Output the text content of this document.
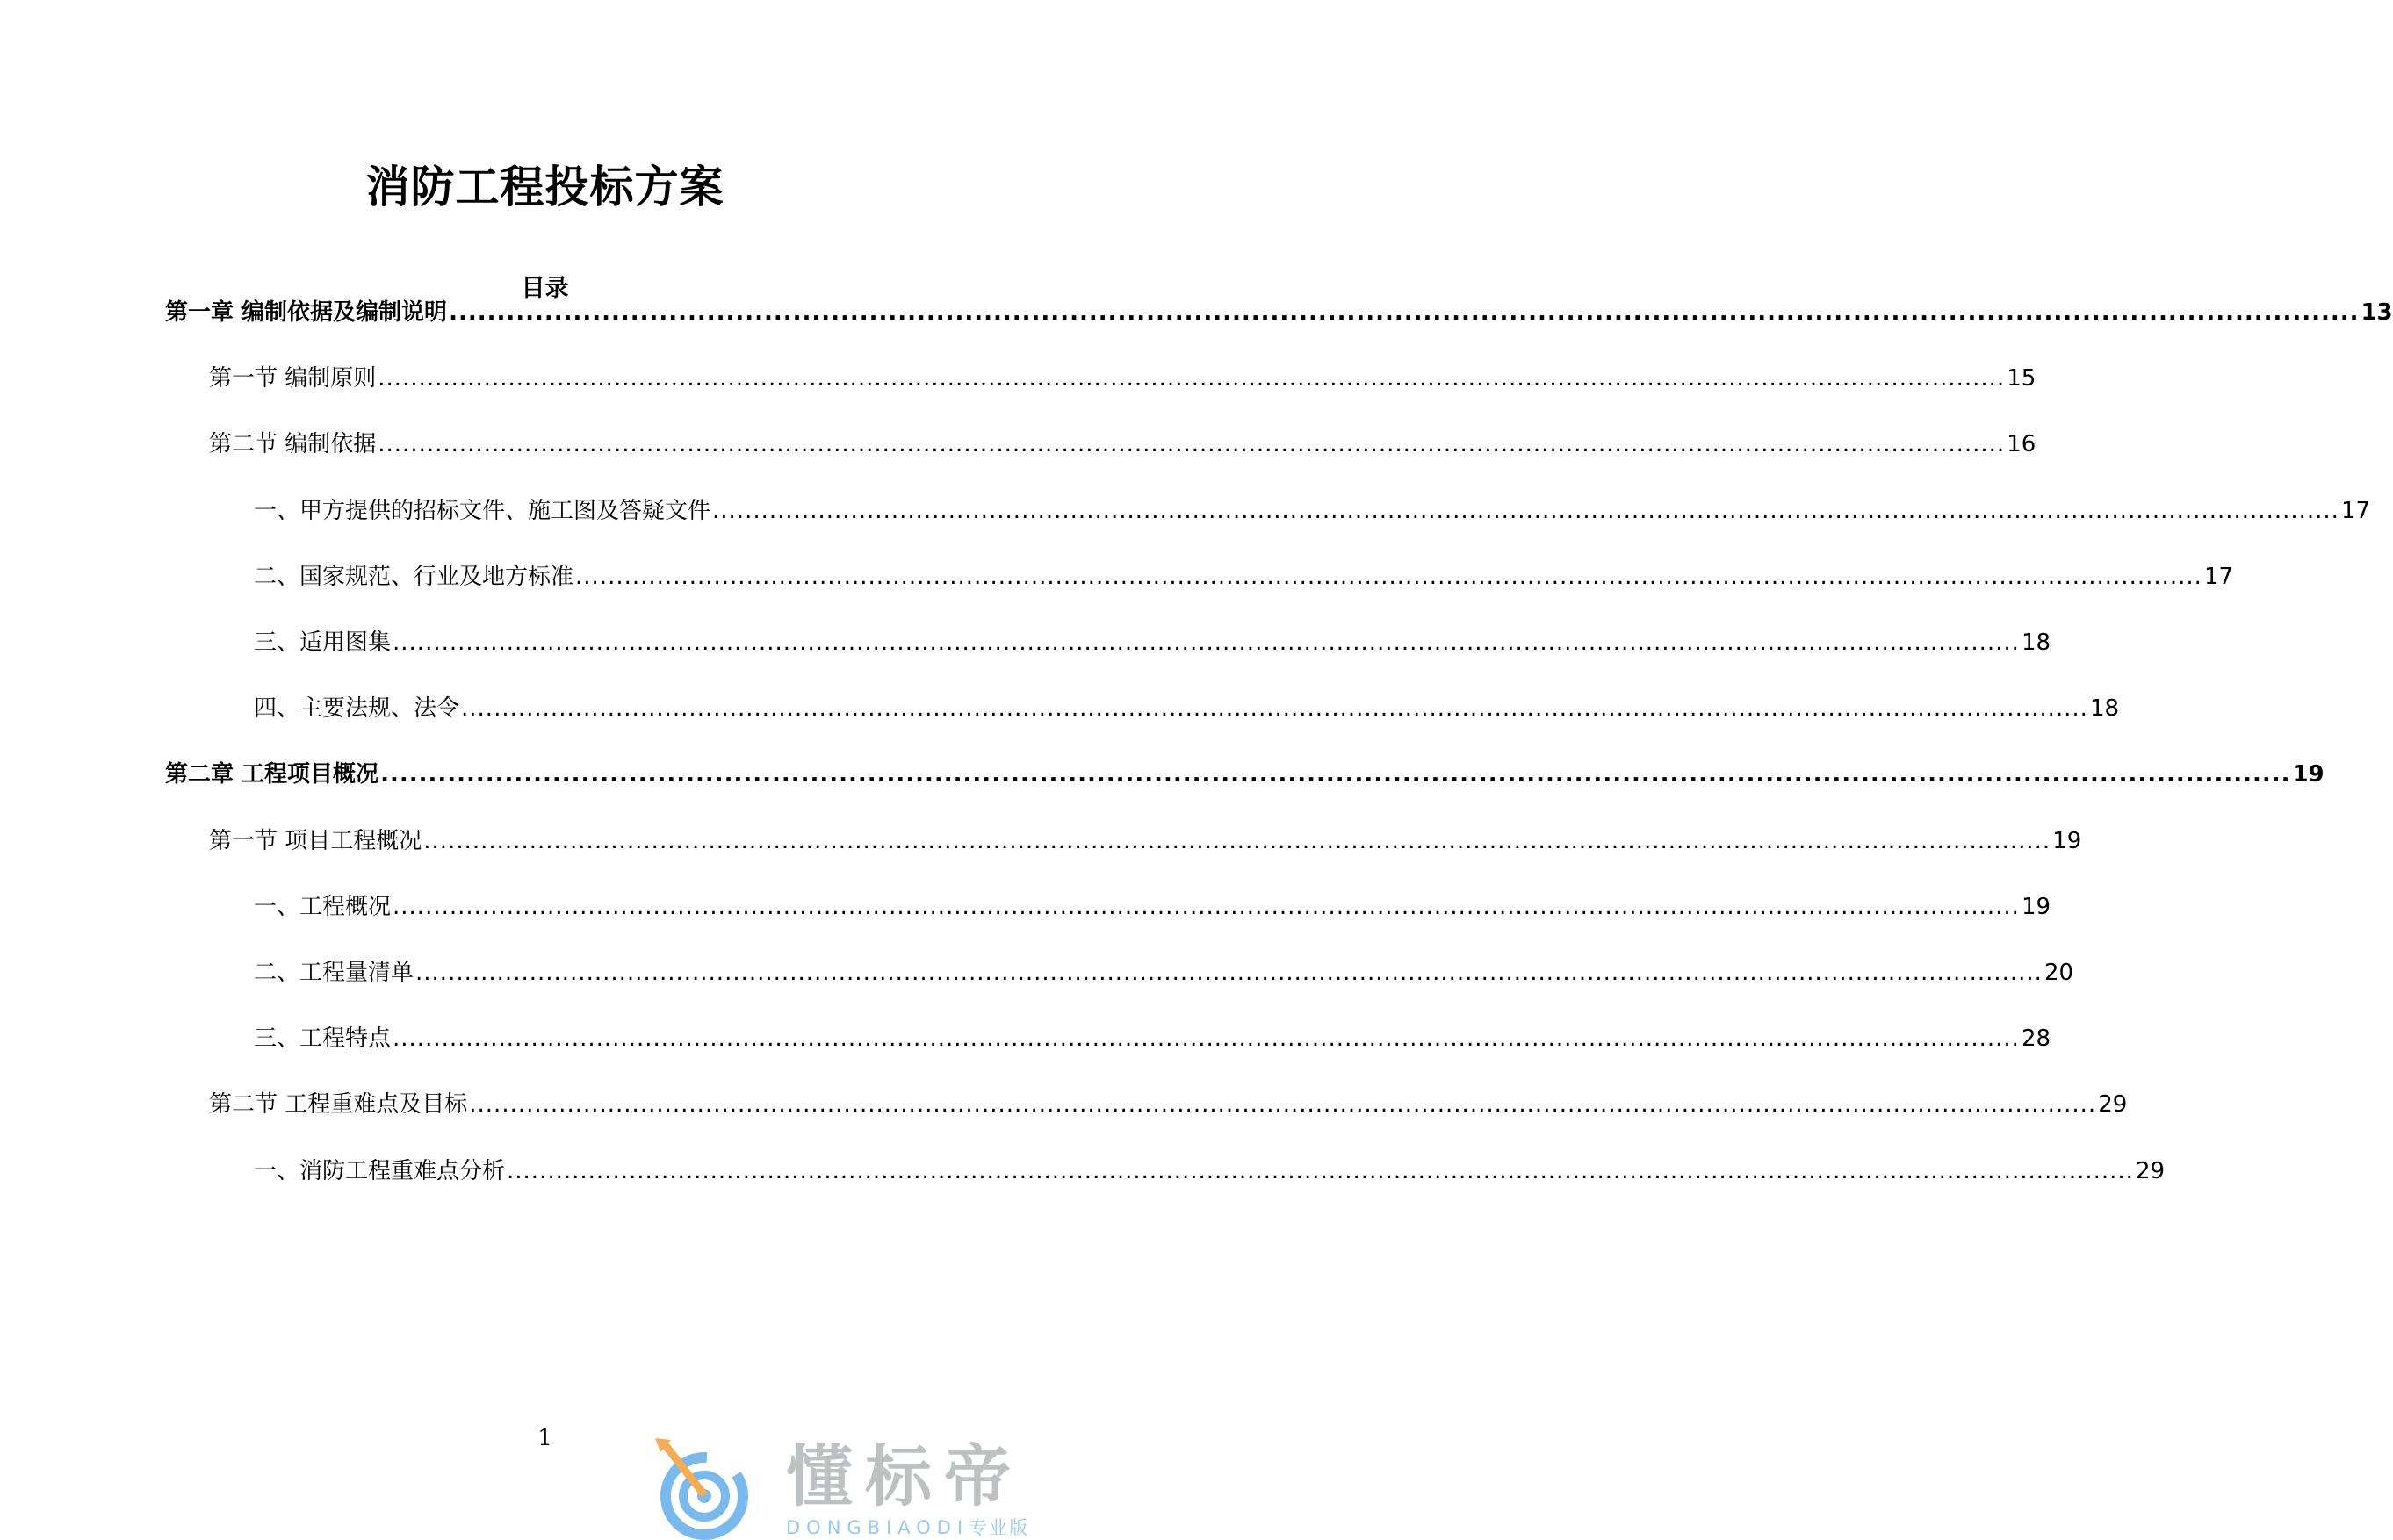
消防工程投标方案
目录
第一章 编制依据及编制说明 ........................................................................................................................................................................................................ 13
第一节 编制原则 ........................................................................................................................................................................................................ 15
第二节 编制依据 ........................................................................................................................................................................................................ 16
一、甲方提供的招标文件、施工图及答疑文件 ........................................................................................................................................................................................................ 17
二、国家规范、行业及地方标准 ........................................................................................................................................................................................................ 17
三、适用图集 ........................................................................................................................................................................................................ 18
四、主要法规、法令 ........................................................................................................................................................................................................ 18
第二章 工程项目概况 ........................................................................................................................................................................................................ 19
第一节 项目工程概况 ........................................................................................................................................................................................................ 19
一、工程概况 ........................................................................................................................................................................................................ 19
二、工程量清单 ........................................................................................................................................................................................................ 20
三、工程特点 ........................................................................................................................................................................................................ 28
第二节 工程重难点及目标 ........................................................................................................................................................................................................ 29
一、消防工程重难点分析 ........................................................................................................................................................................................................ 29
1	懂标帝
DONGBIAODI专业版
